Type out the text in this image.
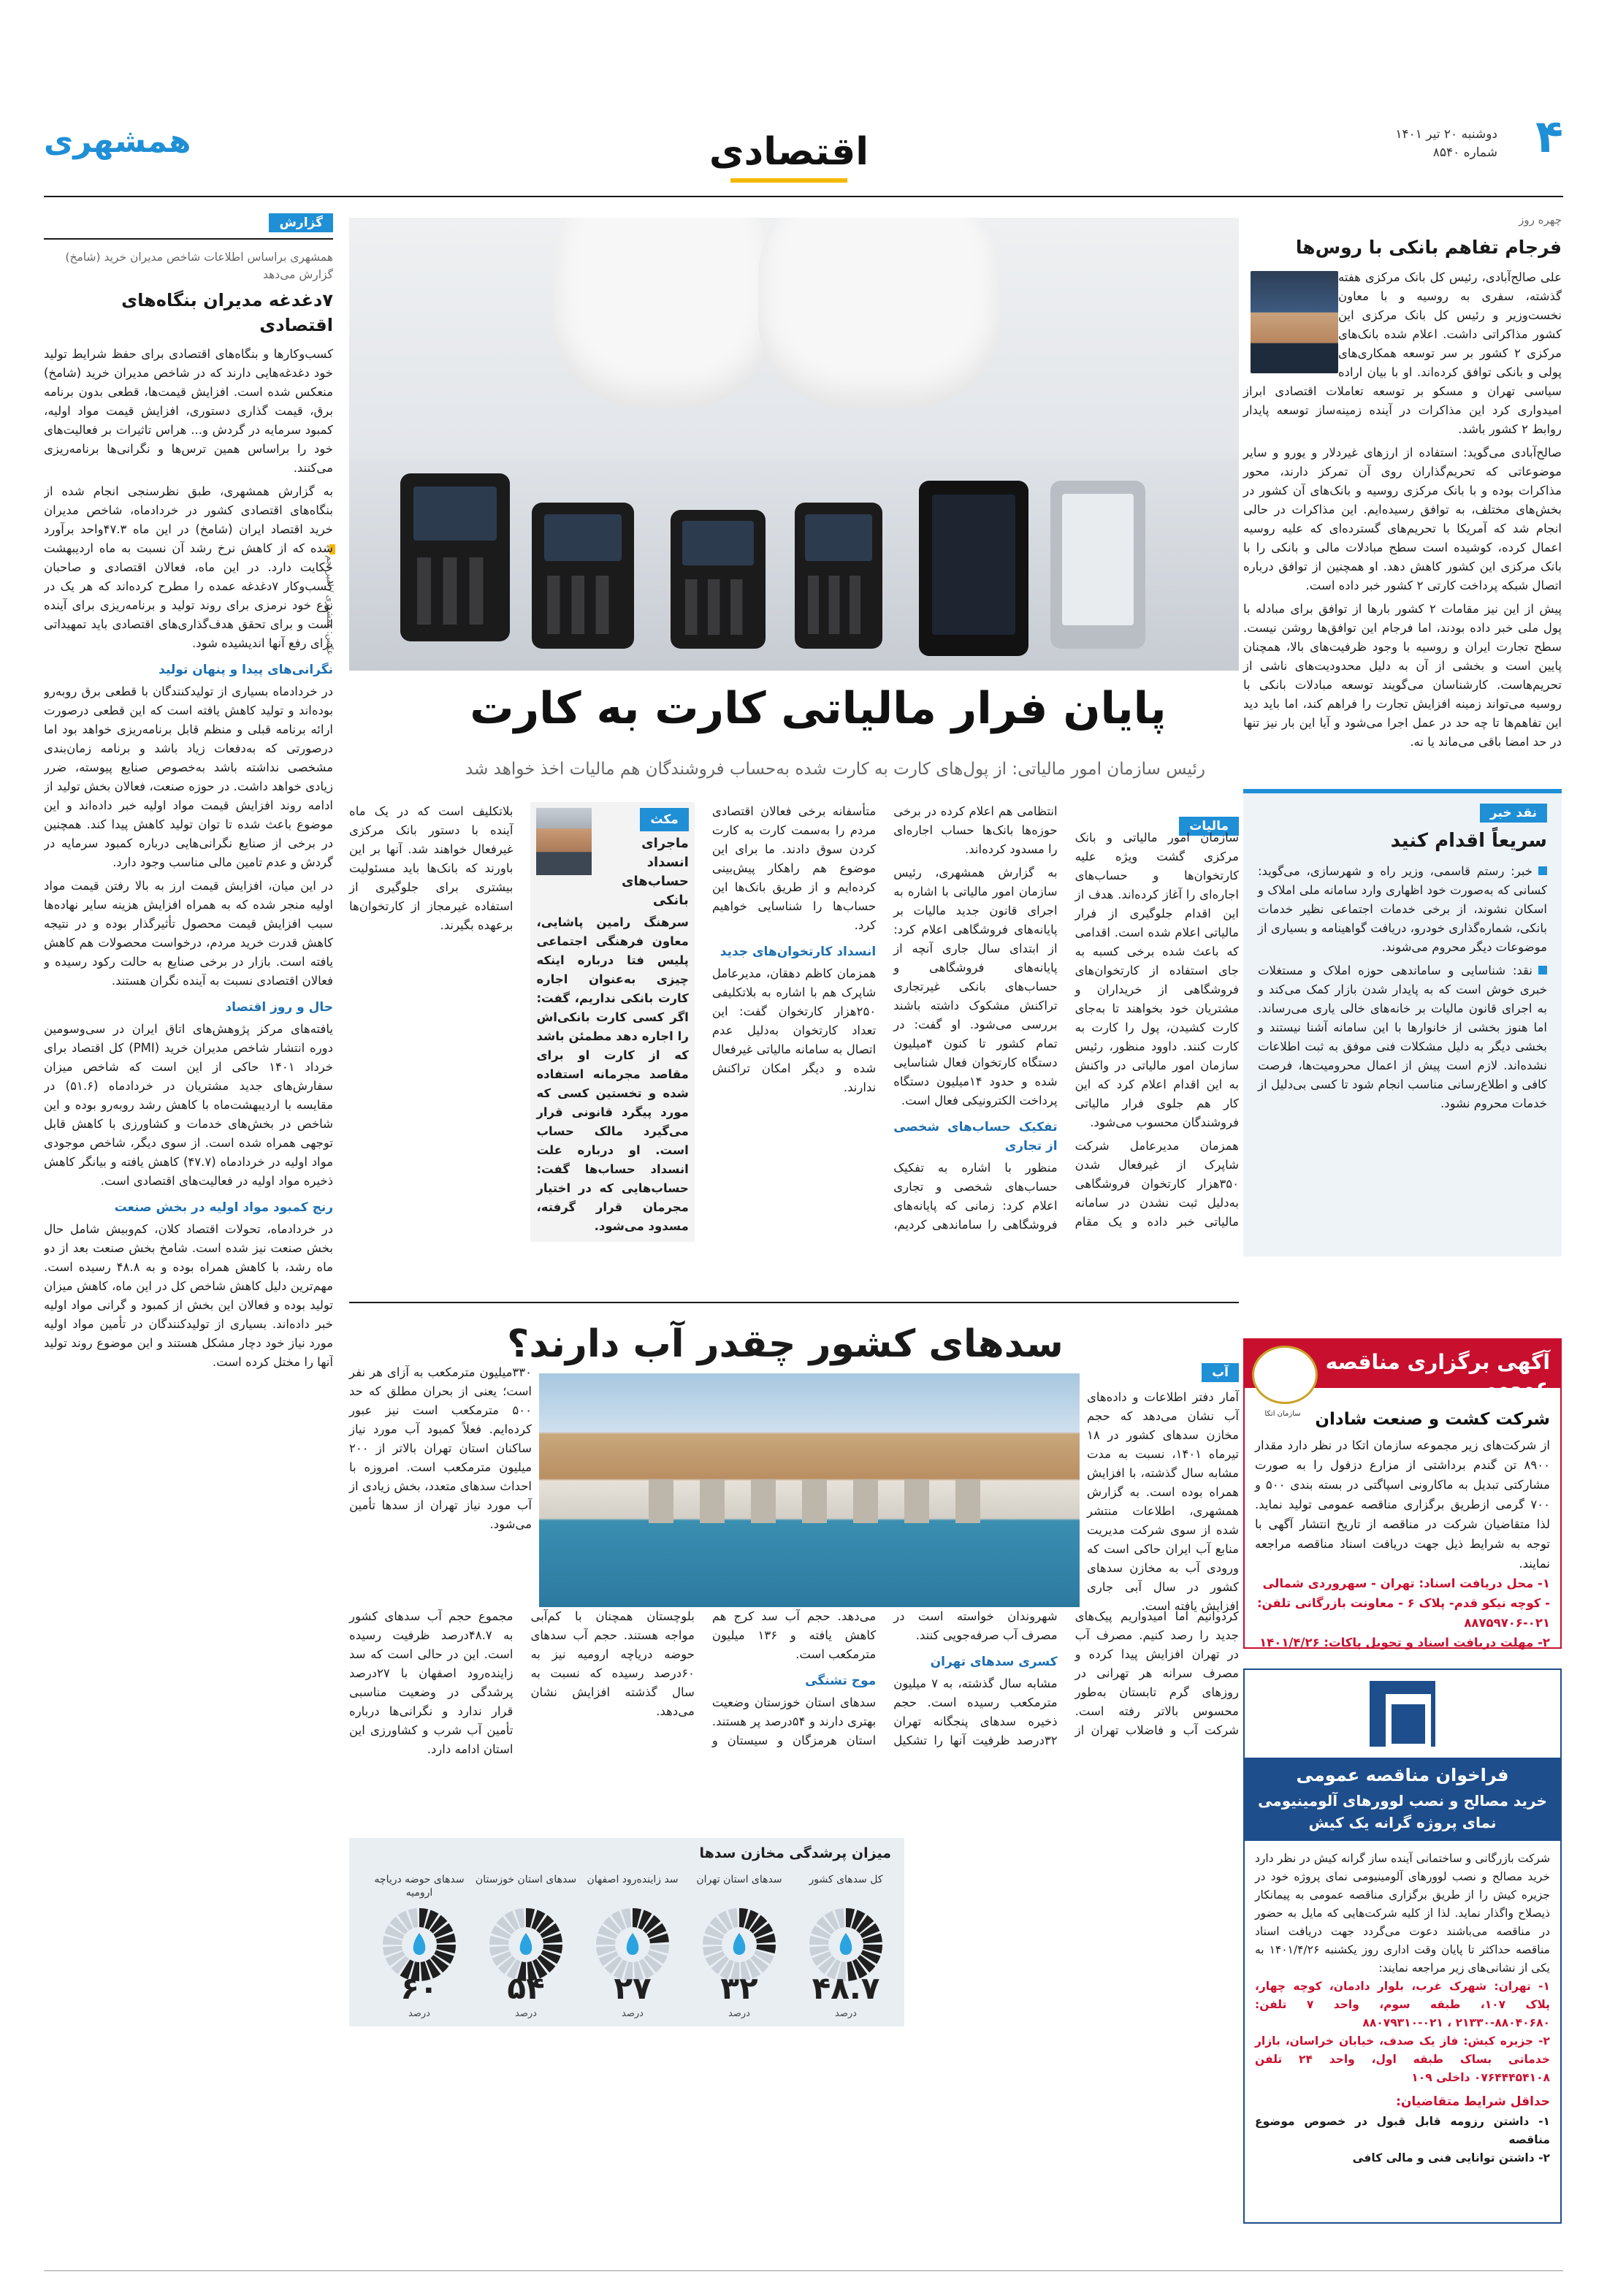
۴
دوشنبه ۲۰ تیر ۱۴۰۱
شماره ۸۵۴۰
اقتصادی
همشهری
چهره روز
فرجام تفاهم بانکی با روس‌ها

علی صالح‌آبادی، رئیس کل بانک مرکزی هفته گذشته، سفری به روسیه و با معاون نخست‌وزیر و رئیس کل بانک مرکزی این کشور مذاکراتی داشت. اعلام شده بانک‌های مرکزی ۲ کشور بر سر توسعه همکاری‌های پولی و بانکی توافق کرده‌اند. او با بیان اراده سیاسی تهران و مسکو بر توسعه تعاملات اقتصادی ابراز امیدواری کرد این مذاکرات در آینده زمینه‌ساز توسعه پایدار روابط ۲ کشور باشد.

صالح‌آبادی می‌گوید: استفاده از ارزهای غیردلار و یورو و سایر موضوعاتی که تحریم‌گذاران روی آن تمرکز دارند، محور مذاکرات بوده و با بانک مرکزی روسیه و بانک‌های آن کشور در بخش‌های مختلف، به توافق رسیده‌ایم. این مذاکرات در حالی انجام شد که آمریکا با تحریم‌های گسترده‌ای که علیه روسیه اعمال کرده، کوشیده است سطح مبادلات مالی و بانکی را با بانک مرکزی این کشور کاهش دهد. او همچنین از توافق درباره اتصال شبکه پرداخت کارتی ۲ کشور خبر داده است.

پیش از این نیز مقامات ۲ کشور بارها از توافق برای مبادله با پول ملی خبر داده بودند، اما فرجام این توافق‌ها روشن نیست. سطح تجارت ایران و روسیه با وجود ظرفیت‌های بالا، همچنان پایین است و بخشی از آن به دلیل محدودیت‌های ناشی از تحریم‌هاست. کارشناسان می‌گویند توسعه مبادلات بانکی با روسیه می‌تواند زمینه افزایش تجارت را فراهم کند، اما باید دید این تفاهم‌ها تا چه حد در عمل اجرا می‌شود و آیا این بار نیز تنها در حد امضا باقی می‌ماند یا نه.

نقد خبر
سریعاً اقدام کنید

خبر: رستم قاسمی، وزیر راه و شهرسازی، می‌گوید: کسانی که به‌صورت خود اظهاری وارد سامانه ملی املاک و اسکان نشوند، از برخی خدمات اجتماعی نظیر خدمات بانکی، شماره‌گذاری خودرو، دریافت گواهینامه و بسیاری از موضوعات دیگر محروم می‌شوند.

نقد: شناسایی و ساماندهی حوزه املاک و مستغلات خبری خوش است که به پایدار شدن بازار کمک می‌کند و به اجرای قانون مالیات بر خانه‌های خالی یاری می‌رساند. اما هنوز بخشی از خانوارها با این سامانه آشنا نیستند و بخشی دیگر به دلیل مشکلات فنی موفق به ثبت اطلاعات نشده‌اند. لازم است پیش از اعمال محرومیت‌ها، فرصت کافی و اطلاع‌رسانی مناسب انجام شود تا کسی بی‌دلیل از خدمات محروم نشود.

آگهی برگزاری مناقصه عمومی
سازمان اتکا شرکت کشت و صنعت شادان
از شرکت‌های زیر مجموعه سازمان اتکا در نظر دارد مقدار ۸۹۰۰ تن گندم برداشتی از مزارع دزفول را به صورت مشارکتی تبدیل به ماکارونی اسپاگتی در بسته بندی ۵۰۰ و ۷۰۰ گرمی ازطریق برگزاری مناقصه عمومی تولید نماید. لذا متقاضیان شرکت در مناقصه از تاریخ انتشار آگهی با توجه به شرایط ذیل جهت دریافت اسناد مناقصه مراجعه نمایند.
۱- محل دریافت اسناد: تهران - سهروردی شمالی - کوچه نیکو قدم- پلاک ۶ - معاونت بازرگانی تلفن: ۰۲۱-۸۸۷۵۹۷۰۶
۲- مهلت دریافت اسناد و تحویل پاکات: ۱۴۰۱/۴/۲۶
فراخوان مناقصه عمومی
خرید مصالح و نصب لوورهای آلومینیومی نمای پروژه گرانه یک کیش
شرکت بازرگانی و ساختمانی آینده ساز گرانه کیش در نظر دارد خرید مصالح و نصب لوورهای آلومینیومی نمای پروژه خود در جزیره کیش را از طریق برگزاری مناقصه عمومی به پیمانکار ذیصلاح واگذار نماید. لذا از کلیه شرکت‌هایی که مایل به حضور در مناقصه می‌باشند دعوت می‌گردد جهت دریافت اسناد مناقصه حداکثر تا پایان وقت اداری روز یکشنبه ۱۴۰۱/۴/۲۶ به یکی از نشانی‌های زیر مراجعه نمایند:
۱- تهران: شهرک غرب، بلوار دادمان، کوچه چهار، پلاک ۱۰۷، طبقه سوم، واحد ۷ تلفن: ۸۸۰۴۰۶۸۰-۲۱۳۳۰ ، ۰۲۱-۸۸۰۷۹۳۱۰
۲- جزیره کیش: فاز یک صدف، خیابان خراسان، بازار خدماتی بساک طبقه اول، واحد ۲۴ تلفن ۰۷۶۴۴۴۵۴۱۰۸ داخلی ۱۰۹
حداقل شرایط متقاضیان:
۱- داشتن رزومه قابل قبول در خصوص موضوع مناقصه
۲- داشتن توانایی فنی و مالی کافی
عکس: همشهری / امیر نجم
پایان فرار مالیاتی کارت به کارت
رئیس سازمان امور مالیاتی: از پول‌های کارت به کارت شده به‌حساب فروشندگان هم مالیات اخذ خواهد شد
مالیات

سازمان امور مالیاتی و بانک مرکزی گشت ویژه علیه کارتخوان‌ها و حساب‌های اجاره‌ای را آغاز کرده‌اند. هدف از این اقدام جلوگیری از فرار مالیاتی اعلام شده است. اقدامی که باعث شده برخی کسبه به جای استفاده از کارتخوان‌های فروشگاهی از خریداران و مشتریان خود بخواهند تا به‌جای کارت کشیدن، پول را کارت به کارت کنند. داوود منظور، رئیس سازمان امور مالیاتی در واکنش به این اقدام اعلام کرد که این کار هم جلوی فرار مالیاتی فروشندگان محسوب می‌شود.

همزمان مدیرعامل شرکت شاپرک از غیرفعال شدن ۳۵۰هزار کارتخوان فروشگاهی به‌دلیل ثبت نشدن در سامانه مالیاتی خبر داده و یک مقام انتظامی هم اعلام کرده در برخی حوزه‌ها بانک‌ها حساب اجاره‌ای را مسدود کرده‌اند.

به گزارش همشهری، رئیس سازمان امور مالیاتی با اشاره به اجرای قانون جدید مالیات بر پایانه‌های فروشگاهی اعلام کرد: از ابتدای سال جاری آنچه از پایانه‌های فروشگاهی و حساب‌های بانکی غیرتجاری تراکنش مشکوک داشته باشند بررسی می‌شود. او گفت: در تمام کشور تا کنون ۴میلیون دستگاه کارتخوان فعال شناسایی شده و حدود ۱۴میلیون دستگاه پرداخت الکترونیکی فعال است.

تفکیک حساب‌های شخصی از تجاری

منظور با اشاره به تفکیک حساب‌های شخصی و تجاری اعلام کرد: زمانی که پایانه‌های فروشگاهی را ساماندهی کردیم، متأسفانه برخی فعالان اقتصادی مردم را به‌سمت کارت به کارت کردن سوق دادند. ما برای این موضوع هم راهکار پیش‌بینی کرده‌ایم و از طریق بانک‌ها این حساب‌ها را شناسایی خواهیم کرد.

انسداد کارتخوان‌های جدید

همزمان کاظم دهقان، مدیرعامل شاپرک هم با اشاره به بلاتکلیفی ۲۵۰هزار کارتخوان گفت: این تعداد کارتخوان به‌دلیل عدم اتصال به سامانه مالیاتی غیرفعال شده و دیگر امکان تراکنش ندارند.

مکث
ماجرای انسداد حساب‌های بانکی
سرهنگ رامین پاشایی، معاون فرهنگی اجتماعی پلیس فتا درباره اینکه چیزی به‌عنوان اجاره کارت بانکی نداریم، گفت: اگر کسی کارت بانکی‌اش را اجاره دهد مطمئن باشد که از کارت او برای مقاصد مجرمانه استفاده شده و تخستین کسی که مورد پیگرد قانونی قرار می‌گیرد مالک حساب است. او درباره علت انسداد حساب‌ها گفت: حساب‌هایی که در اختیار مجرمان قرار گرفته، مسدود می‌شود.

بلاتکلیف است که در یک ماه آینده با دستور بانک مرکزی غیرفعال خواهند شد. آنها بر این باورند که بانک‌ها باید مسئولیت بیشتری برای جلوگیری از استفاده غیرمجاز از کارتخوان‌ها برعهده بگیرند.

سدهای کشور چقدر آب دارند؟
آب

آمار دفتر اطلاعات و داده‌های آب نشان می‌دهد که حجم مخازن سدهای کشور در ۱۸ تیرماه ۱۴۰۱، نسبت به مدت مشابه سال گذشته، با افزایش همراه بوده است. به گزارش همشهری، اطلاعات منتشر شده از سوی شرکت مدیریت منابع آب ایران حاکی است که ورودی آب به مخازن سدهای کشور در سال آبی جاری افزایش یافته است.

۳۳۰میلیون مترمکعب به آزای هر نفر است؛ یعنی از بحران مطلق که حد ۵۰۰ مترمکعب است نیز عبور کرده‌ایم. فعلاً کمبود آب مورد نیاز ساکنان استان تهران بالاتر از ۲۰۰ میلیون مترمکعب است. امروزه با احداث سدهای متعدد، بخش زیادی از آب مورد نیاز تهران از سدها تأمین می‌شود.

کردوانیم اما امیدواریم پیک‌های جدید را رصد کنیم. مصرف آب در تهران افزایش پیدا کرده و مصرف سرانه هر تهرانی در روزهای گرم تابستان به‌طور محسوس بالاتر رفته است. شرکت آب و فاضلاب تهران از شهروندان خواسته است در مصرف آب صرفه‌جویی کنند.

کسری سدهای تهران

مشابه سال گذشته، به ۷ میلیون مترمکعب رسیده است. حجم ذخیره سدهای پنجگانه تهران ۳۲درصد ظرفیت آنها را تشکیل می‌دهد. حجم آب سد کرج هم کاهش یافته و ۱۳۶ میلیون مترمکعب است.

موج تشنگی

سدهای استان خوزستان وضعیت بهتری دارند و ۵۴درصد پر هستند. استان هرمزگان و سیستان و بلوچستان همچنان با کم‌آبی مواجه هستند. حجم آب سدهای حوضه دریاچه ارومیه نیز به ۶۰درصد رسیده که نسبت به سال گذشته افزایش نشان می‌دهد.

مجموع حجم آب سدهای کشور به ۴۸.۷درصد ظرفیت رسیده است. این در حالی است که سد زاینده‌رود اصفهان با ۲۷درصد پرشدگی در وضعیت مناسبی قرار ندارد و نگرانی‌ها درباره تأمین آب شرب و کشاورزی این استان ادامه دارد.

میزان پرشدگی مخازن سدها
کل سدهای کشور
۴۸.۷
درصد
سدهای استان تهران
۳۲
درصد
سد زاینده‌رود اصفهان
۲۷
درصد
سدهای استان خوزستان
۵۴
درصد
سدهای حوضه دریاچه ارومیه
۶۰
درصد
گزارش
همشهری براساس اطلاعات شاخص مدیران خرید (شامخ) گزارش می‌دهد
۷دغدغه مدیران بنگاه‌های اقتصادی

کسب‌وکارها و بنگاه‌های اقتصادی برای حفظ شرایط تولید خود دغدغه‌هایی دارند که در شاخص مدیران خرید (شامخ) منعکس شده است. افزایش قیمت‌ها، قطعی بدون برنامه برق، قیمت گذاری دستوری، افزایش قیمت مواد اولیه، کمبود سرمایه در گردش و... هراس تاثیرات بر فعالیت‌های خود را براساس همین ترس‌ها و نگرانی‌ها برنامه‌ریزی می‌کنند.

به گزارش همشهری، طبق نظرسنجی انجام شده از بنگاه‌های اقتصادی کشور در خردادماه، شاخص مدیران خرید اقتصاد ایران (شامخ) در این ماه ۴۷.۳واحد برآورد شده که از کاهش نرخ رشد آن نسبت به ماه اردیبهشت حکایت دارد. در این ماه، فعالان اقتصادی و صاحبان کسب‌وکار ۷دغدغه عمده را مطرح کرده‌اند که هر یک در نوع خود نرمزی برای روند تولید و برنامه‌ریزی برای آینده است و برای تحقق هدف‌گذاری‌های اقتصادی باید تمهیداتی برای رفع آنها اندیشیده شود.

نگرانی‌های پیدا و پنهان تولید

در خردادماه بسیاری از تولیدکنندگان با قطعی برق روبه‌رو بوده‌اند و تولید کاهش یافته است که این قطعی درصورت ارائه برنامه قبلی و منظم قابل برنامه‌ریزی خواهد بود اما درصورتی که به‌دفعات زیاد باشد و برنامه زمان‌بندی مشخصی نداشته باشد به‌خصوص صنایع پیوسته، ضرر زیادی خواهد داشت. در حوزه صنعت، فعالان بخش تولید از ادامه روند افزایش قیمت مواد اولیه خبر داده‌اند و این موضوع باعث شده تا توان تولید کاهش پیدا کند. همچنین در برخی از صنایع نگرانی‌هایی درباره کمبود سرمایه در گردش و عدم تامین مالی مناسب وجود دارد.

در این میان، افزایش قیمت ارز به بالا رفتن قیمت مواد اولیه منجر شده که به همراه افزایش هزینه سایر نهاده‌ها سبب افزایش قیمت محصول تأثیرگذار بوده و در نتیجه کاهش قدرت خرید مردم، درخواست محصولات هم کاهش یافته است. بازار در برخی صنایع به حالت رکود رسیده و فعالان اقتصادی نسبت به آینده نگران هستند.

حال و روز اقتصاد

یافته‌های مرکز پژوهش‌های اتاق ایران در سی‌وسومین دوره انتشار شاخص مدیران خرید (PMI) کل اقتصاد برای خرداد ۱۴۰۱ حاکی از این است که شاخص میزان سفارش‌های جدید مشتریان در خردادماه (۵۱.۶) در مقایسه با اردیبهشت‌ماه با کاهش رشد روبه‌رو بوده و این شاخص در بخش‌های خدمات و کشاورزی با کاهش قابل توجهی همراه شده است. از سوی دیگر، شاخص موجودی مواد اولیه در خردادماه (۴۷.۷) کاهش یافته و بیانگر کاهش ذخیره مواد اولیه در فعالیت‌های اقتصادی است.

رنج کمبود مواد اولیه در بخش صنعت

در خردادماه، تحولات اقتصاد کلان، کم‌وبیش شامل حال بخش صنعت نیز شده است. شامخ بخش صنعت بعد از دو ماه رشد، با کاهش همراه بوده و به ۴۸.۸ رسیده است. مهم‌ترین دلیل کاهش شاخص کل در این ماه، کاهش میزان تولید بوده و فعالان این بخش از کمبود و گرانی مواد اولیه خبر داده‌اند. بسیاری از تولیدکنندگان در تأمین مواد اولیه مورد نیاز خود دچار مشکل هستند و این موضوع روند تولید آنها را مختل کرده است.
